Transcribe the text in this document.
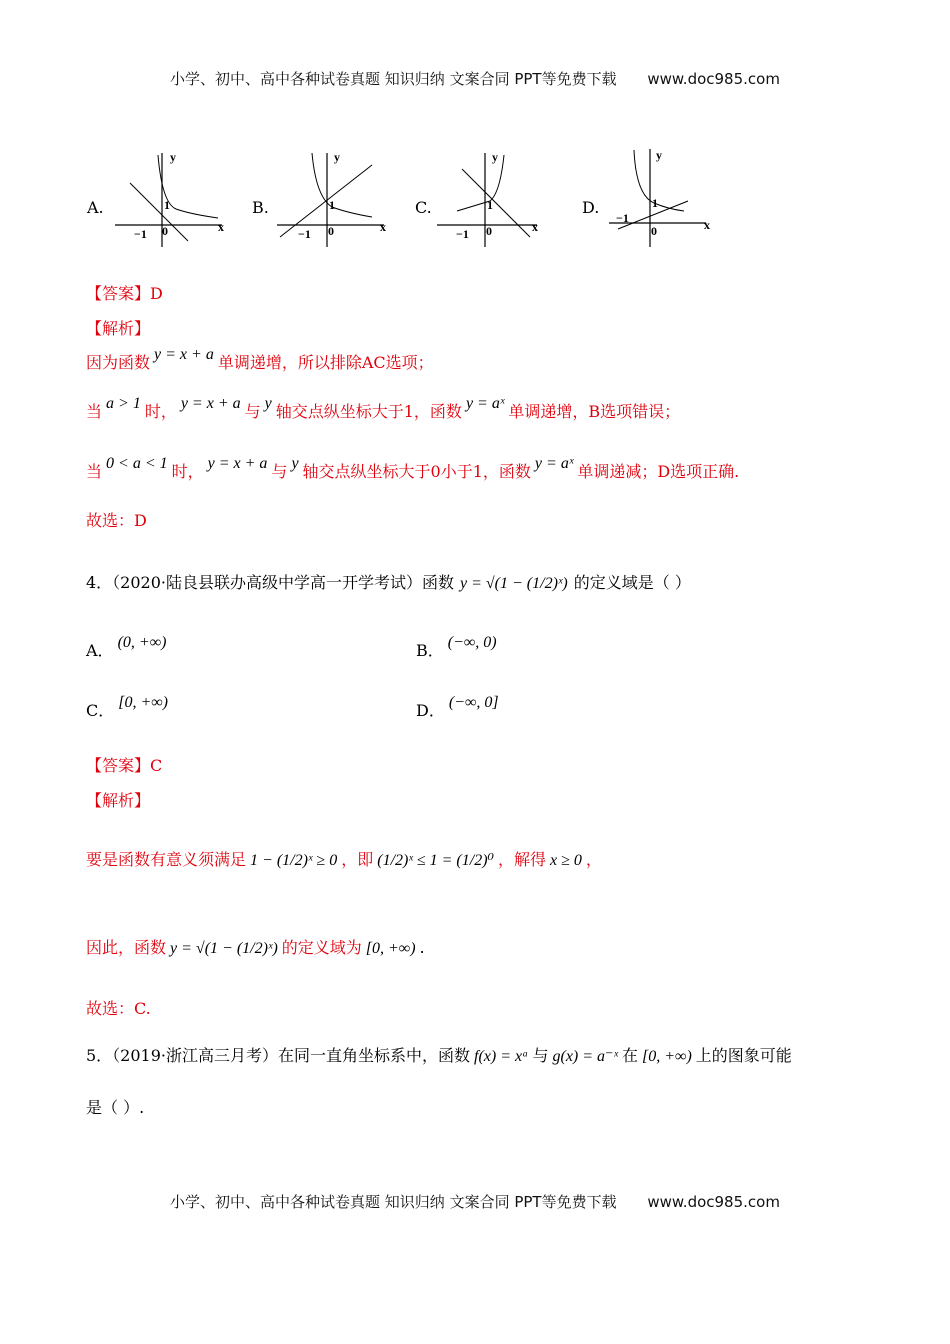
小学、初中、高中各种试卷真题 知识归纳 文案合同 PPT等免费下载 www.doc985.com
A.
y
x
1
−1 0
B.
y
x
1
−1 0
C.
y
x
1
−1 0
D.
y
x
1
−1
0
【答案】D
【解析】
因为函数 y = x + a 单调递增，所以排除AC选项；
当 a > 1 时， y = x + a 与 y 轴交点纵坐标大于1，函数 y = aˣ 单调递增，B选项错误；
当 0 < a < 1 时， y = x + a 与 y 轴交点纵坐标大于0小于1，函数 y = aˣ 单调递减；D选项正确.
故选：D
4．（2020·陆良县联办高级中学高一开学考试）函数 y = √(1 − (1/2)ˣ) 的定义域是（ ）
A． (0, +∞)	B． (−∞, 0)
C． [0, +∞)	D． (−∞, 0]
【答案】C
【解析】
要是函数有意义须满足 1 − (1/2)ˣ ≥ 0 ，即 (1/2)ˣ ≤ 1 = (1/2)⁰ ，解得 x ≥ 0 ，
因此，函数 y = √(1 − (1/2)ˣ) 的定义域为 [0, +∞) .
故选：C.
5．（2019·浙江高三月考）在同一直角坐标系中，函数 f(x) = xᵃ 与 g(x) = a⁻ˣ 在 [0, +∞) 上的图象可能
是（ ）.
小学、初中、高中各种试卷真题 知识归纳 文案合同 PPT等免费下载 www.doc985.com
